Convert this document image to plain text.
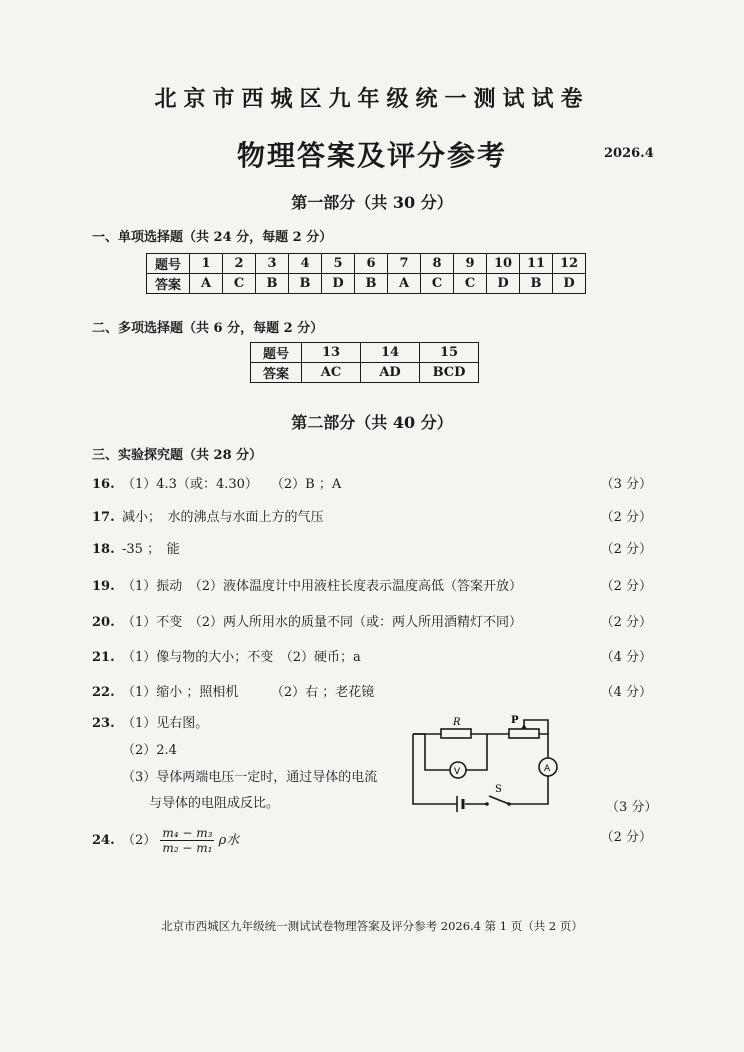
北京市西城区九年级统一测试试卷
物理答案及评分参考	2026.4
第一部分（共 30 分）
一、单项选择题（共 24 分，每题 2 分）
题号	1	2	3	4	5	6	7	8	9	10	11	12
答案	A	C	B	B	D	B	A	C	C	D	B	D
二、多项选择题（共 6 分，每题 2 分）
题号	13	14	15
答案	AC	AD	BCD
第二部分（共 40 分）
三、实验探究题（共 28 分）
16. （1）4.3（或：4.30）　　（2）B ；A	（3 分）
17. 减小；　水的沸点与水面上方的气压	（2 分）
18. -35 ；　能	（2 分）
19. （1）振动　（2）液体温度计中用液柱长度表示温度高低（答案开放）	（2 分）
20. （1）不变　（2）两人所用水的质量不同（或：两人所用酒精灯不同）	（2 分）
21. （1）像与物的大小；不变　（2）硬币；a	（4 分）
22. （1）缩小 ；照相机　　　（2）右 ；老花镜	（4 分）
23. （1）见右图。
（2）2.4
（3）导体两端电压一定时，通过导体的电流
与导体的电阻成反比。	（3 分）
R	P
V	A
S
24. $(2) \frac{\text{m₄ − m₃}}{\text{m₂ − m₁}}$ ρ水	（2 分）
北京市西城区九年级统一测试试卷物理答案及评分参考 2026.4 第 1 页（共 2 页）
